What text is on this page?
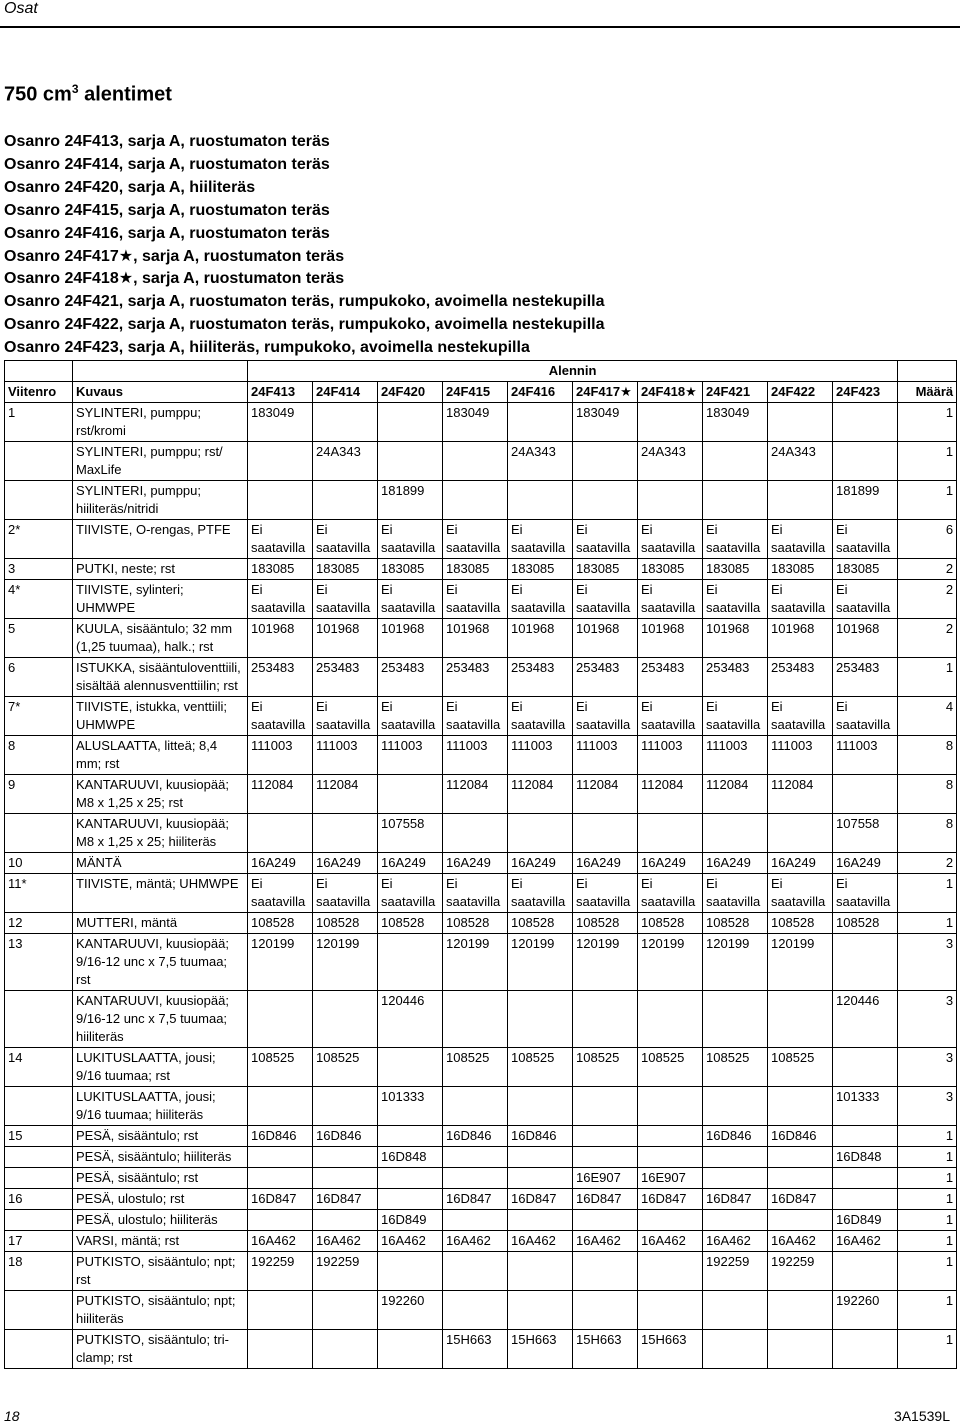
Osat
750 $cm^3$ alentimet
Osanro 24F413, sarja A, ruostumaton teräs
Osanro 24F414, sarja A, ruostumaton teräs
Osanro 24F420, sarja A, hiiliteräs
Osanro 24F415, sarja A, ruostumaton teräs
Osanro 24F416, sarja A, ruostumaton teräs
Osanro 24F417★, sarja A, ruostumaton teräs
Osanro 24F418★, sarja A, ruostumaton teräs
Osanro 24F421, sarja A, ruostumaton teräs, rumpukoko, avoimella nestekupilla
Osanro 24F422, sarja A, ruostumaton teräs, rumpukoko, avoimella nestekupilla
Osanro 24F423, sarja A, hiiliteräs, rumpukoko, avoimella nestekupilla
		Alennin										
Viitenro	Kuvaus	24F413	24F414	24F420	24F415	24F416	24F417★	24F418★	24F421	24F422	24F423	Määrä
1	SYLINTERI, pumppu; rst/kromi	183049			183049		183049		183049			1
	SYLINTERI, pumppu; rst/ MaxLife		24A343			24A343		24A343		24A343		1
	SYLINTERI, pumppu; hiiliteräs/nitridi			181899							181899	1
2*	TIIVISTE, O-rengas, PTFE	Ei saatavilla	Ei saatavilla	Ei saatavilla	Ei saatavilla	Ei saatavilla	Ei saatavilla	Ei saatavilla	Ei saatavilla	Ei saatavilla	Ei saatavilla	6
3	PUTKI, neste; rst	183085	183085	183085	183085	183085	183085	183085	183085	183085	183085	2
4*	TIIVISTE, sylinteri; UHMWPE	Ei saatavilla	Ei saatavilla	Ei saatavilla	Ei saatavilla	Ei saatavilla	Ei saatavilla	Ei saatavilla	Ei saatavilla	Ei saatavilla	Ei saatavilla	2
5	KUULA, sisääntulo; 32 mm (1,25 tuumaa), halk.; rst	101968	101968	101968	101968	101968	101968	101968	101968	101968	101968	2
6	ISTUKKA, sisääntuloventtiili, sisältää alennusventtiilin; rst	253483	253483	253483	253483	253483	253483	253483	253483	253483	253483	1
7*	TIIVISTE, istukka, venttiili; UHMWPE	Ei saatavilla	Ei saatavilla	Ei saatavilla	Ei saatavilla	Ei saatavilla	Ei saatavilla	Ei saatavilla	Ei saatavilla	Ei saatavilla	Ei saatavilla	4
8	ALUSLAATTA, litteä; 8,4 mm; rst	111003	111003	111003	111003	111003	111003	111003	111003	111003	111003	8
9	KANTARUUVI, kuusiopää; M8 x 1,25 x 25; rst	112084	112084		112084	112084	112084	112084	112084	112084		8
	KANTARUUVI, kuusiopää; M8 x 1,25 x 25; hiiliteräs			107558							107558	8
10	MÄNTÄ	16A249	16A249	16A249	16A249	16A249	16A249	16A249	16A249	16A249	16A249	2
11*	TIIVISTE, mäntä; UHMWPE	Ei saatavilla	Ei saatavilla	Ei saatavilla	Ei saatavilla	Ei saatavilla	Ei saatavilla	Ei saatavilla	Ei saatavilla	Ei saatavilla	Ei saatavilla	1
12	MUTTERI, mäntä	108528	108528	108528	108528	108528	108528	108528	108528	108528	108528	1
13	KANTARUUVI, kuusiopää; 9/16-12 unc x 7,5 tuumaa; rst	120199	120199		120199	120199	120199	120199	120199	120199		3
	KANTARUUVI, kuusiopää; 9/16-12 unc x 7,5 tuumaa; hiiliteräs			120446							120446	3
14	LUKITUSLAATTA, jousi; 9/16 tuumaa; rst	108525	108525		108525	108525	108525	108525	108525	108525		3
	LUKITUSLAATTA, jousi; 9/16 tuumaa; hiiliteräs			101333							101333	3
15	PESÄ, sisääntulo; rst	16D846	16D846		16D846	16D846			16D846	16D846		1
	PESÄ, sisääntulo; hiiliteräs			16D848							16D848	1
	PESÄ, sisääntulo; rst						16E907	16E907				1
16	PESÄ, ulostulo; rst	16D847	16D847		16D847	16D847	16D847	16D847	16D847	16D847		1
	PESÄ, ulostulo; hiiliteräs			16D849							16D849	1
17	VARSI, mäntä; rst	16A462	16A462	16A462	16A462	16A462	16A462	16A462	16A462	16A462	16A462	1
18	PUTKISTO, sisääntulo; npt; rst	192259	192259						192259	192259		1
	PUTKISTO, sisääntulo; npt; hiiliteräs			192260							192260	1
	PUTKISTO, sisääntulo; tri-clamp; rst				15H663	15H663	15H663	15H663				1
18	3A1539L
